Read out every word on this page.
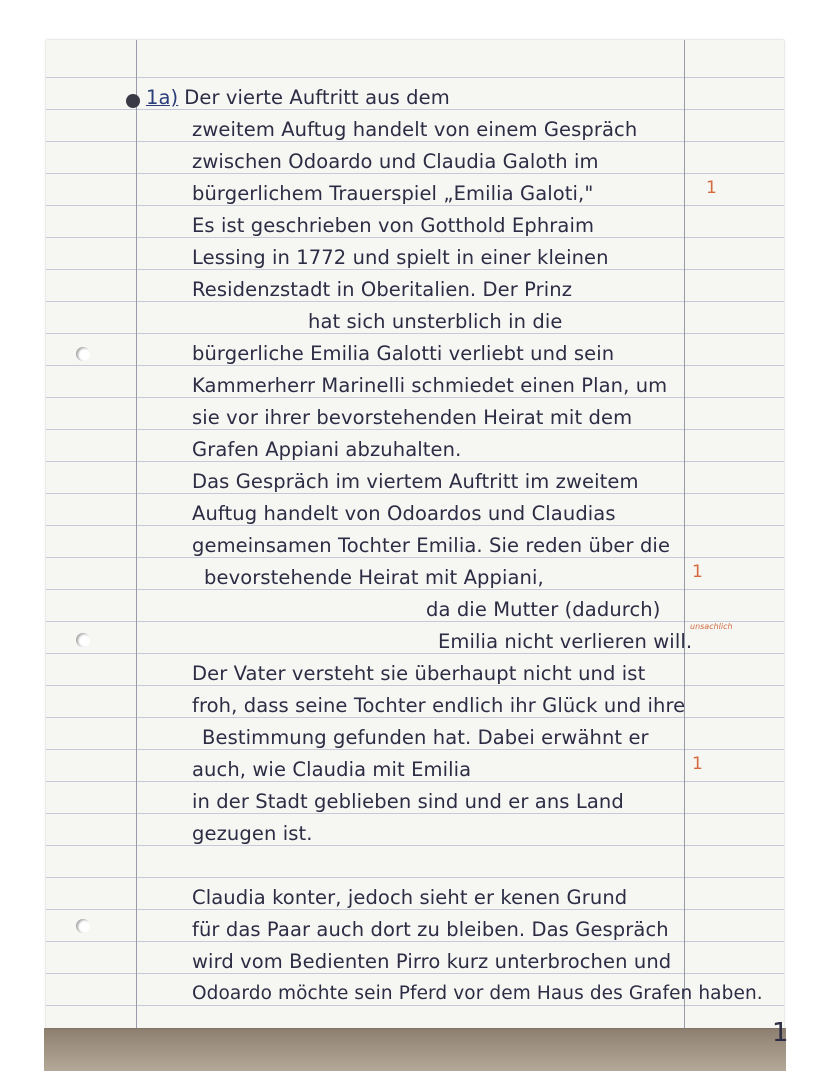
1a) Der vierte Auftritt aus dem
zweitem Auftug handelt von einem Gespräch
zwischen Odoardo und Claudia Galoth im
bürgerlichem Trauerspiel „Emilia Galoti,"
Es ist geschrieben von Gotthold Ephraim
Lessing in 1772 und spielt in einer kleinen
Residenzstadt in Oberitalien. Der Prinz
hat sich unsterblich in die
bürgerliche Emilia Galotti verliebt und sein
Kammerherr Marinelli schmiedet einen Plan, um
sie vor ihrer bevorstehenden Heirat mit dem
Grafen Appiani abzuhalten.
Das Gespräch im viertem Auftritt im zweitem
Auftug handelt von Odoardos und Claudias
gemeinsamen Tochter Emilia. Sie reden über die
bevorstehende Heirat mit Appiani,
da die Mutter (dadurch)
Emilia nicht verlieren will.
Der Vater versteht sie überhaupt nicht und ist
froh, dass seine Tochter endlich ihr Glück und ihre
Bestimmung gefunden hat. Dabei erwähnt er
auch, wie Claudia mit Emilia
in der Stadt geblieben sind und er ans Land
gezugen ist.
Claudia konter, jedoch sieht er kenen Grund
für das Paar auch dort zu bleiben. Das Gespräch
wird vom Bedienten Pirro kurz unterbrochen und
Odoardo möchte sein Pferd vor dem Haus des Grafen haben.
1
1
unsachlich
1
1
